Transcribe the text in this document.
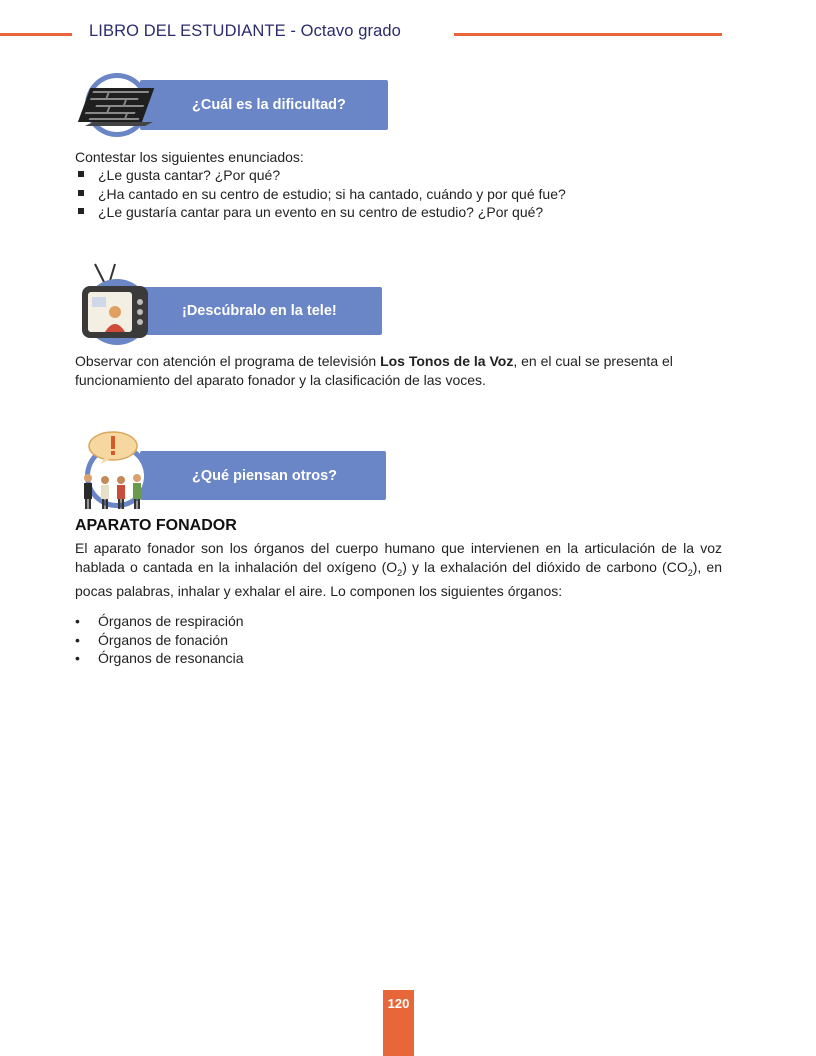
LIBRO DEL ESTUDIANTE - Octavo grado
¿Cuál es la dificultad?
Contestar los siguientes enunciados:
¿Le gusta cantar? ¿Por qué?
¿Ha cantado en su centro de estudio; si ha cantado, cuándo y por qué fue?
¿Le gustaría cantar para un evento en su centro de estudio? ¿Por qué?
¡Descúbralo en la tele!

Observar con atención el programa de televisión Los Tonos de la Voz, en el cual se presenta el funcionamiento del aparato fonador y la clasificación de las voces.

¿Qué piensan otros?
APARATO FONADOR

El aparato fonador son los órganos del cuerpo humano que intervienen en la articulación de la voz hablada o cantada en la inhalación del oxígeno $(O_2)$ y la exhalación del dióxido de carbono $(CO_2)$, en pocas palabras, inhalar y exhalar el aire. Lo componen los siguientes órganos:

• Órganos de respiración
• Órganos de fonación
• Órganos de resonancia
120
